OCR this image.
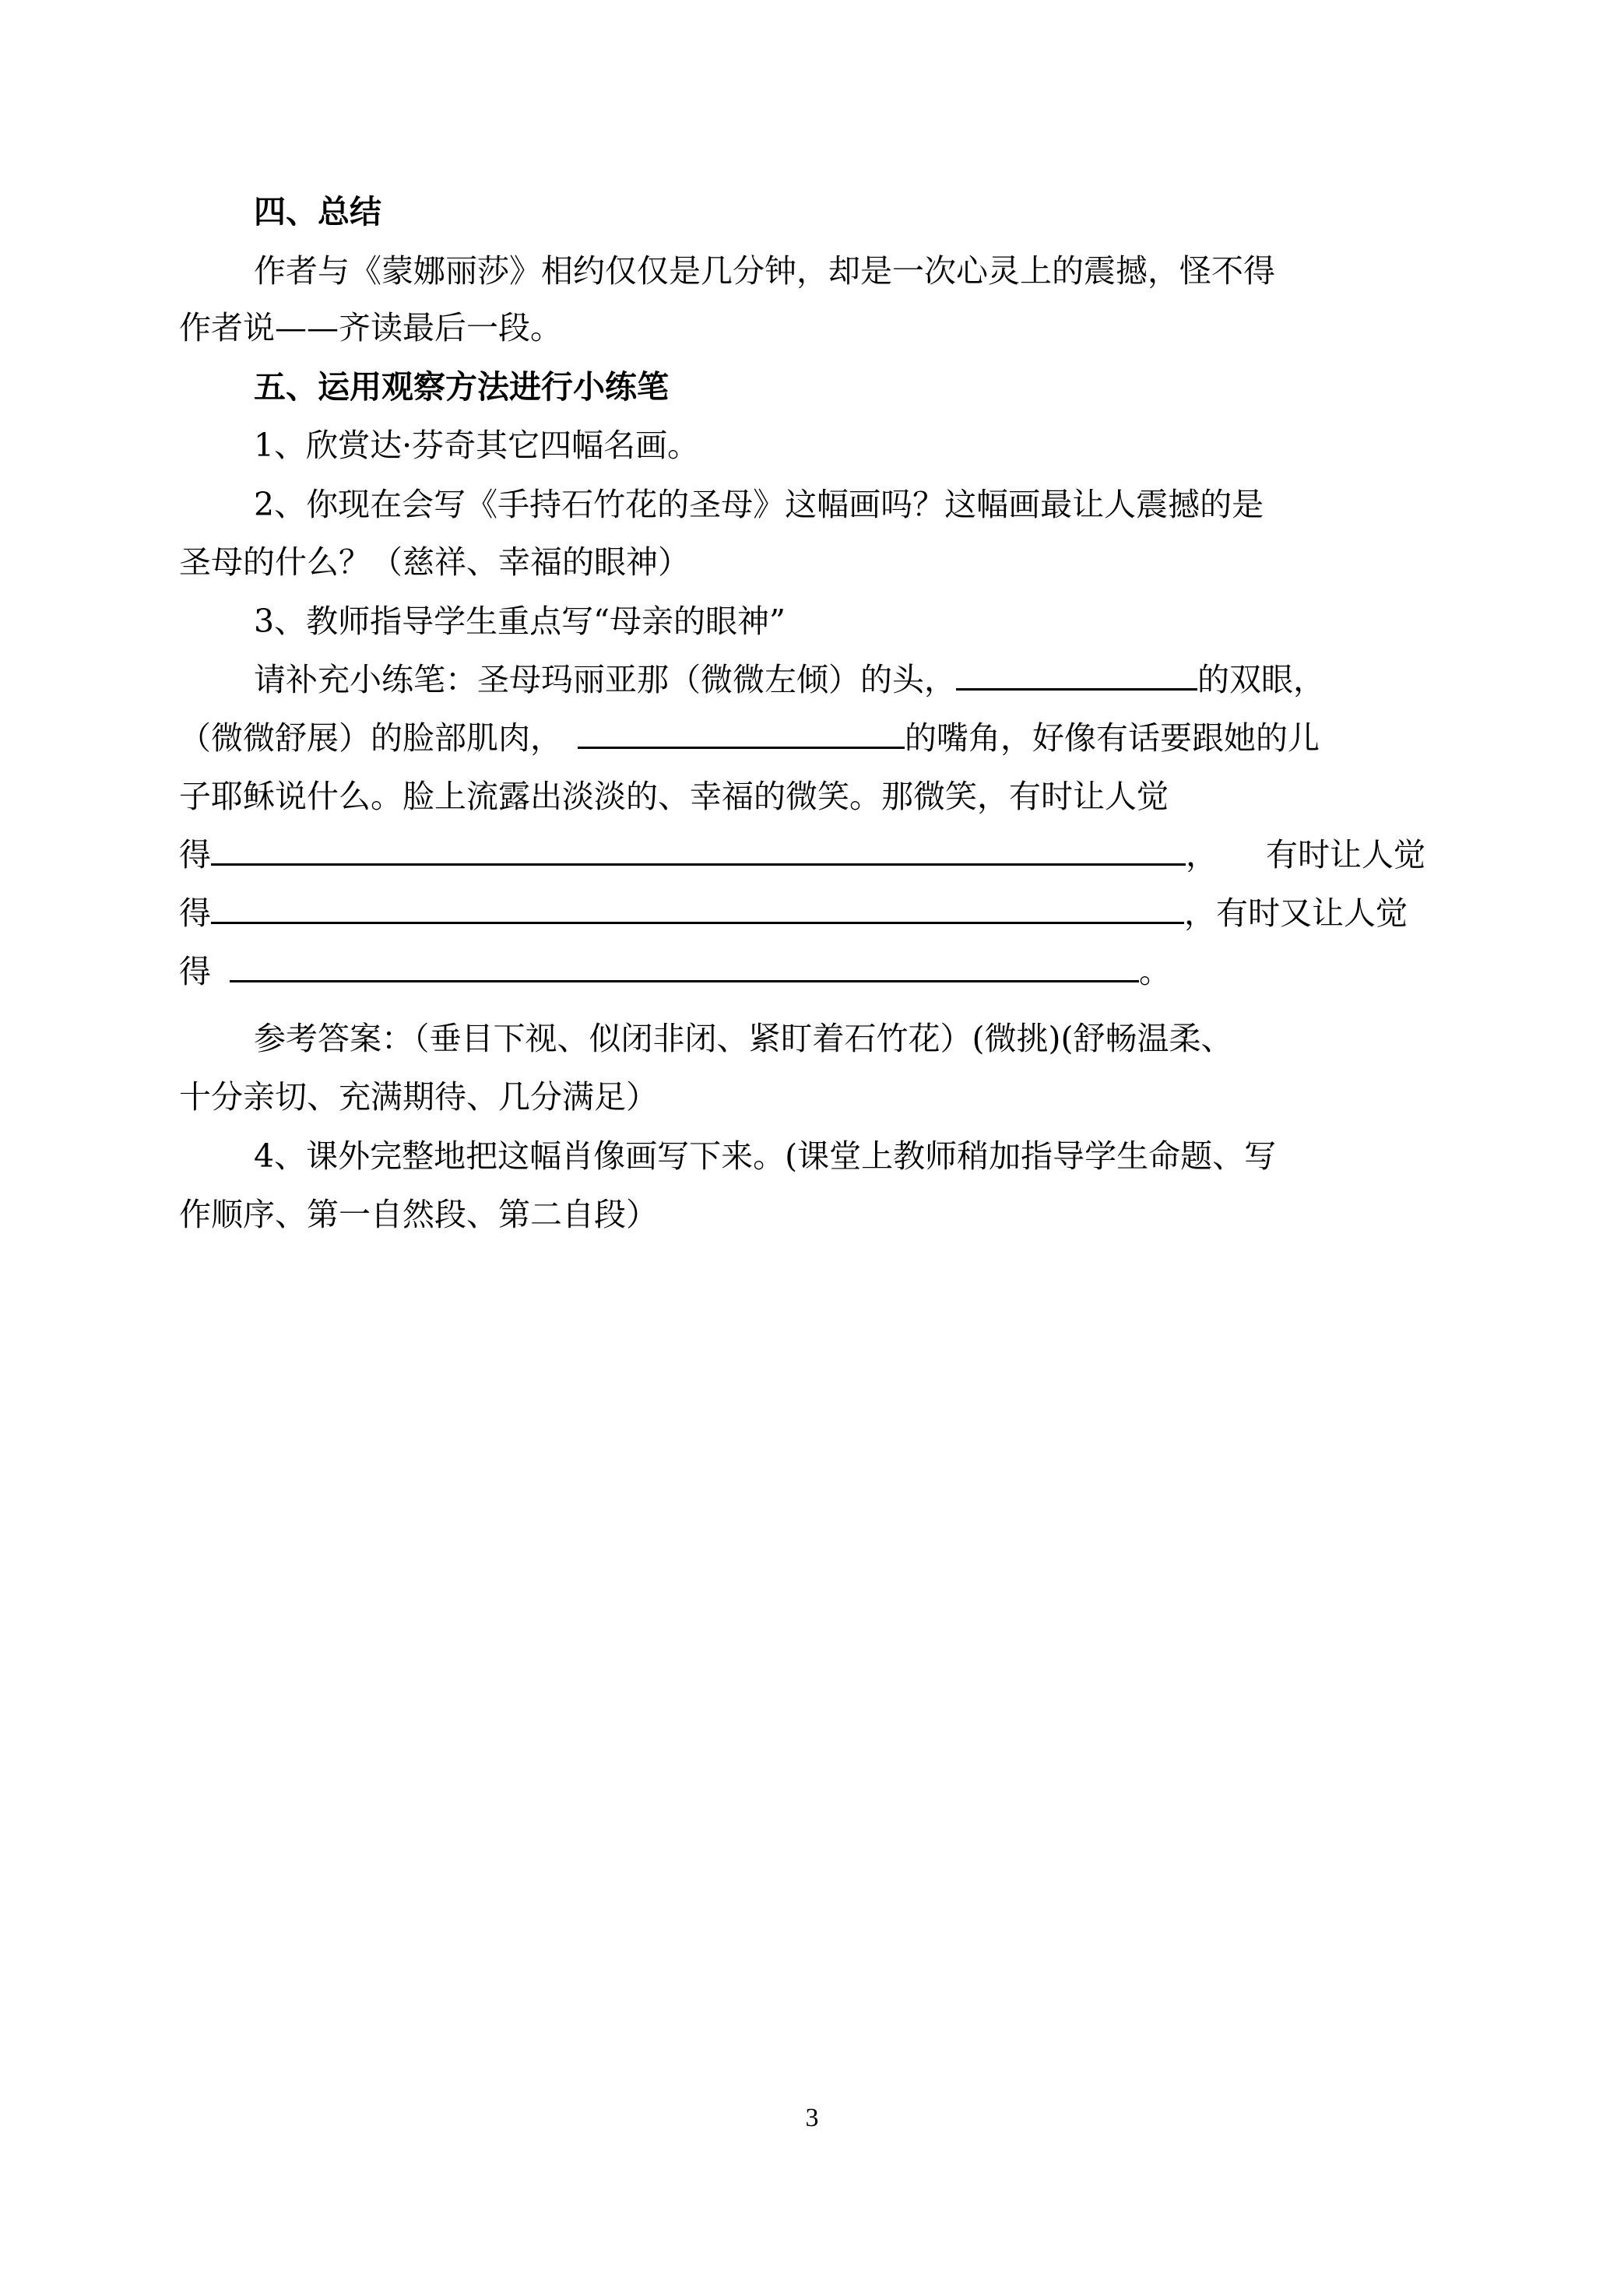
四、总结
作者与《蒙娜丽莎》相约仅仅是几分钟，却是一次心灵上的震撼，怪不得
作者说——齐读最后一段。
五、运用观察方法进行小练笔
1、欣赏达·芬奇其它四幅名画。
2、你现在会写《手持石竹花的圣母》这幅画吗？这幅画最让人震撼的是
圣母的什么？（慈祥、幸福的眼神）
3、教师指导学生重点写“母亲的眼神”
请补充小练笔：圣母玛丽亚那（微微左倾）的头，	的双眼，
（微微舒展）的脸部肌肉，	的嘴角，好像有话要跟她的儿
子耶稣说什么。脸上流露出淡淡的、幸福的微笑。那微笑，有时让人觉
得	， 有时让人觉
得	，有时又让人觉
得	。
参考答案：（垂目下视、似闭非闭、紧盯着石竹花）(微挑)(舒畅温柔、
十分亲切、充满期待、几分满足）
4、课外完整地把这幅肖像画写下来。(课堂上教师稍加指导学生命题、写
作顺序、第一自然段、第二自段）
3
